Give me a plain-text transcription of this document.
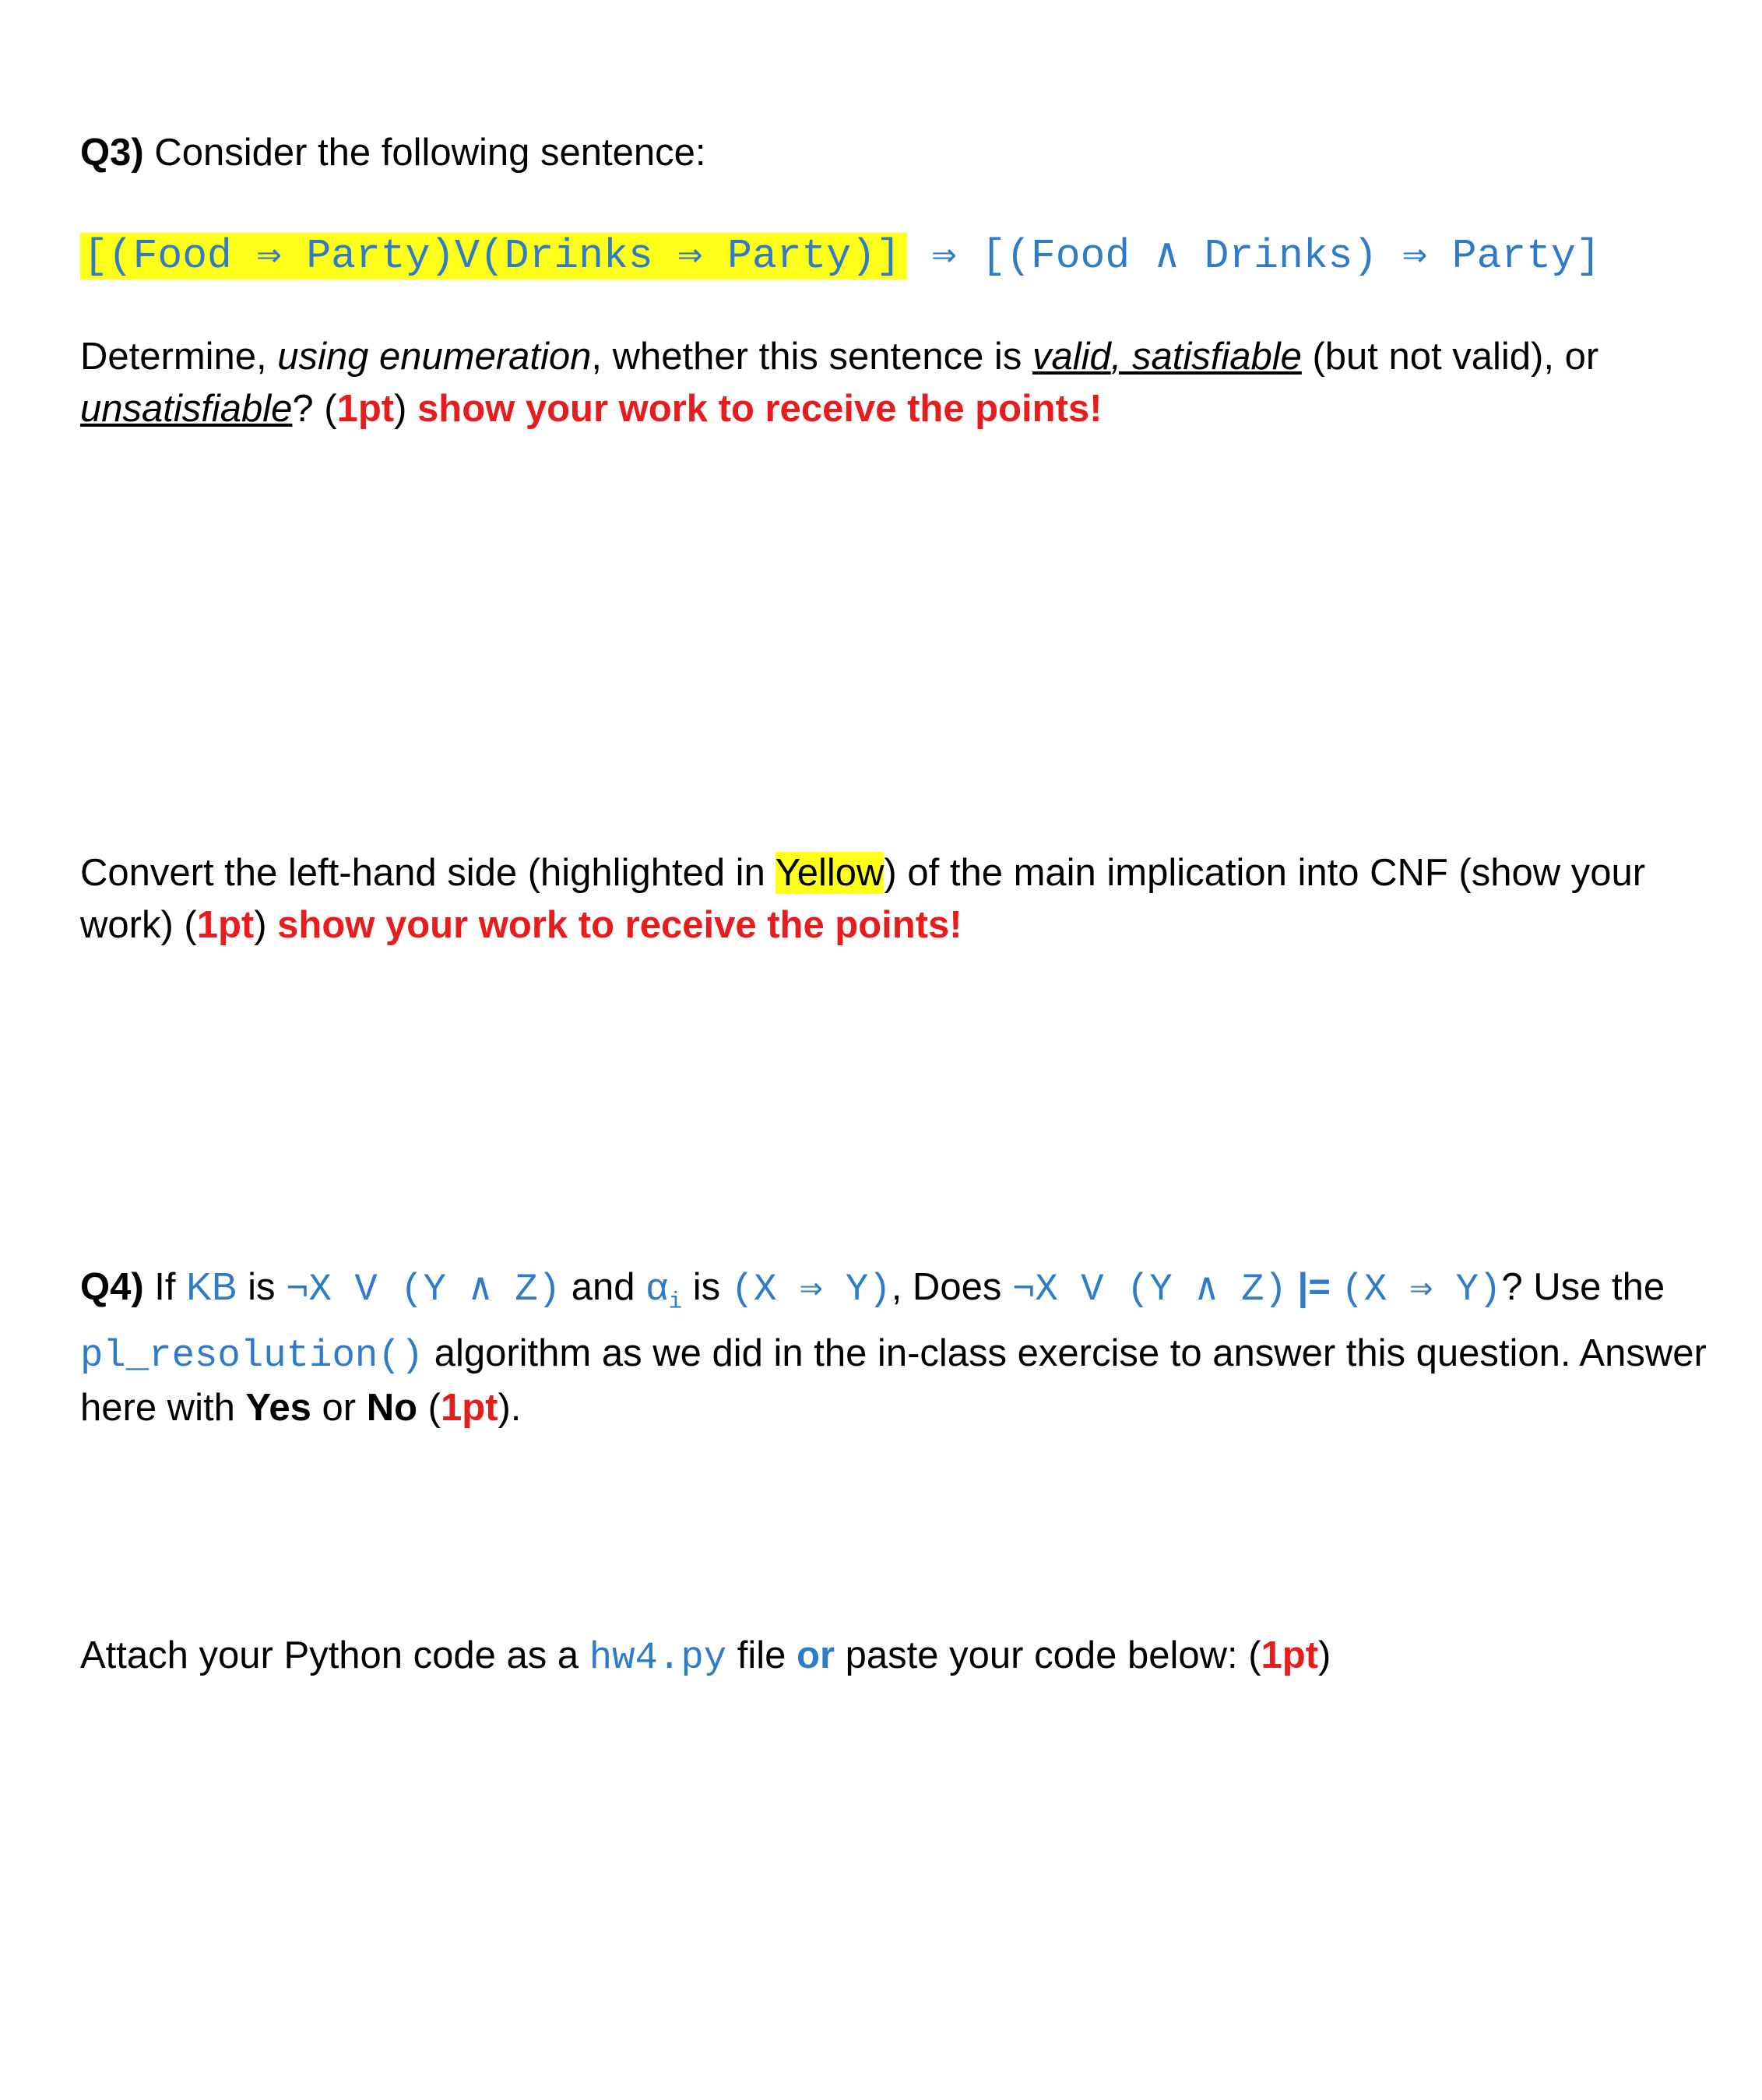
Q3) Consider the following sentence:
[(Food ⇒ Party)V(Drinks ⇒ Party)] ⇒ [(Food ∧ Drinks) ⇒ Party]
Determine, using enumeration, whether this sentence is valid, satisfiable (but not valid), or unsatisfiable? (1pt) show your work to receive the points!
Convert the left-hand side (highlighted in Yellow) of the main implication into CNF (show your work) (1pt) show your work to receive the points!
Q4) If KB is ¬X V (Y ∧ Z) and $\alpha_i$ is (X ⇒ Y), Does ¬X V (Y ∧ Z) |= (X ⇒ Y)? Use the pl_resolution() algorithm as we did in the in-class exercise to answer this question. Answer here with Yes or No (1pt).
Attach your Python code as a hw4.py file or paste your code below: (1pt)
